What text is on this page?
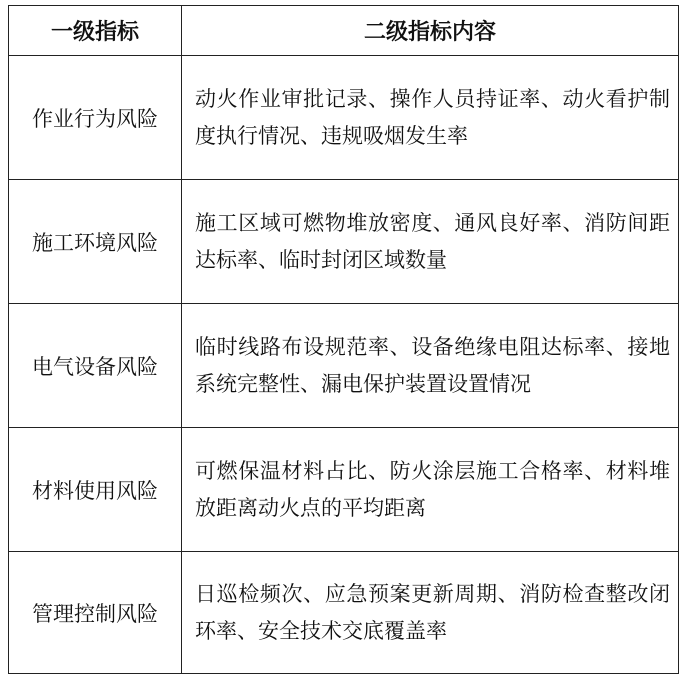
一级指标	二级指标内容
作业行为风险	动火作业审批记录、操作人员持证率、动火看护制度执行情况、违规吸烟发生率
施工环境风险	施工区域可燃物堆放密度、通风良好率、消防间距达标率、临时封闭区域数量
电气设备风险	临时线路布设规范率、设备绝缘电阻达标率、接地系统完整性、漏电保护装置设置情况
材料使用风险	可燃保温材料占比、防火涂层施工合格率、材料堆放距离动火点的平均距离
管理控制风险	日巡检频次、应急预案更新周期、消防检查整改闭环率、安全技术交底覆盖率
